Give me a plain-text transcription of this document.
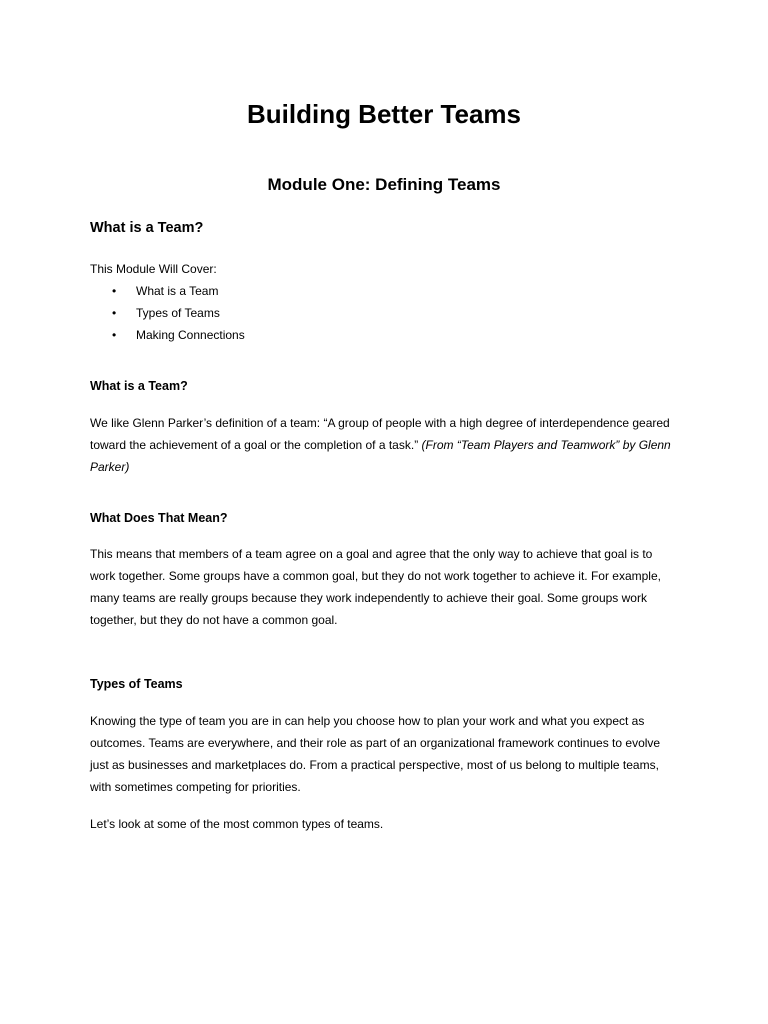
Building Better Teams
Module One: Defining Teams
What is a Team?

This Module Will Cover:

• What is a Team
• Types of Teams
• Making Connections
What is a Team?

We like Glenn Parker’s definition of a team: “A group of people with a high degree of interdependence geared toward the achievement of a goal or the completion of a task.” (From “Team Players and Teamwork” by Glenn Parker)

What Does That Mean?

This means that members of a team agree on a goal and agree that the only way to achieve that goal is to work together. Some groups have a common goal, but they do not work together to achieve it. For example, many teams are really groups because they work independently to achieve their goal. Some groups work together, but they do not have a common goal.

Types of Teams

Knowing the type of team you are in can help you choose how to plan your work and what you expect as outcomes. Teams are everywhere, and their role as part of an organizational framework continues to evolve just as businesses and marketplaces do. From a practical perspective, most of us belong to multiple teams, with sometimes competing for priorities.

Let’s look at some of the most common types of teams.
